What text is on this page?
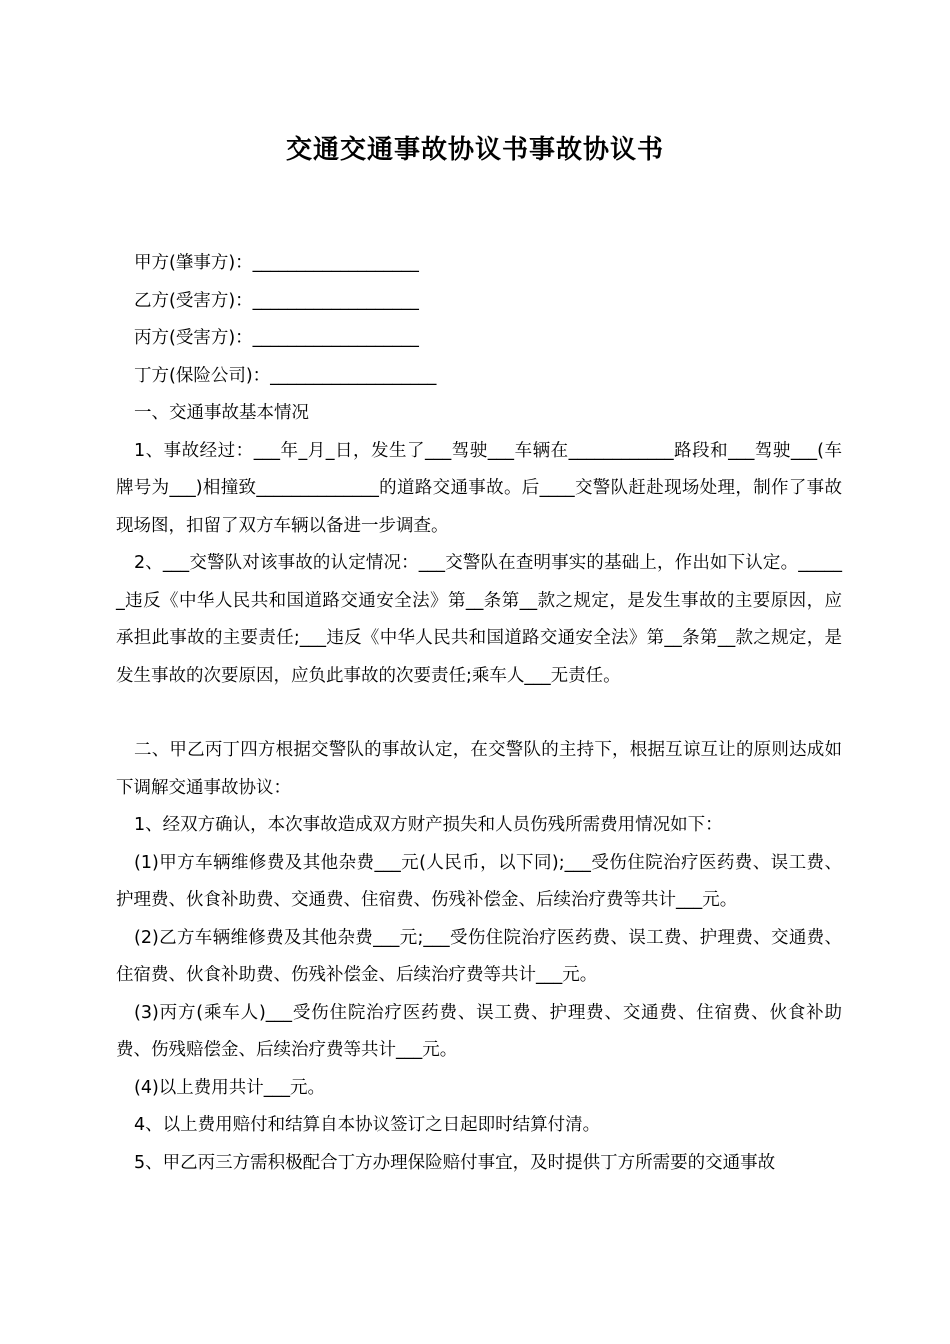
交通交通事故协议书事故协议书

甲方(肇事方)：___________________

乙方(受害方)：___________________

丙方(受害方)：___________________

丁方(保险公司)：___________________

一、交通事故基本情况

1、事故经过：___年_月_日，发生了___驾驶___车辆在____________路段和___驾驶___(车牌号为___)相撞致______________的道路交通事故。后____交警队赶赴现场处理，制作了事故现场图，扣留了双方车辆以备进一步调查。

2、___交警队对该事故的认定情况：___交警队在查明事实的基础上，作出如下认定。______违反《中华人民共和国道路交通安全法》第__条第__款之规定，是发生事故的主要原因，应承担此事故的主要责任;___违反《中华人民共和国道路交通安全法》第__条第__款之规定，是发生事故的次要原因，应负此事故的次要责任;乘车人___无责任。

二、甲乙丙丁四方根据交警队的事故认定，在交警队的主持下，根据互谅互让的原则达成如下调解交通事故协议：

1、经双方确认，本次事故造成双方财产损失和人员伤残所需费用情况如下：

(1)甲方车辆维修费及其他杂费___元(人民币，以下同);___受伤住院治疗医药费、误工费、护理费、伙食补助费、交通费、住宿费、伤残补偿金、后续治疗费等共计___元。

(2)乙方车辆维修费及其他杂费___元;___受伤住院治疗医药费、误工费、护理费、交通费、住宿费、伙食补助费、伤残补偿金、后续治疗费等共计___元。

(3)丙方(乘车人)___受伤住院治疗医药费、误工费、护理费、交通费、住宿费、伙食补助费、伤残赔偿金、后续治疗费等共计___元。

(4)以上费用共计___元。

4、以上费用赔付和结算自本协议签订之日起即时结算付清。

5、甲乙丙三方需积极配合丁方办理保险赔付事宜，及时提供丁方所需要的交通事故
